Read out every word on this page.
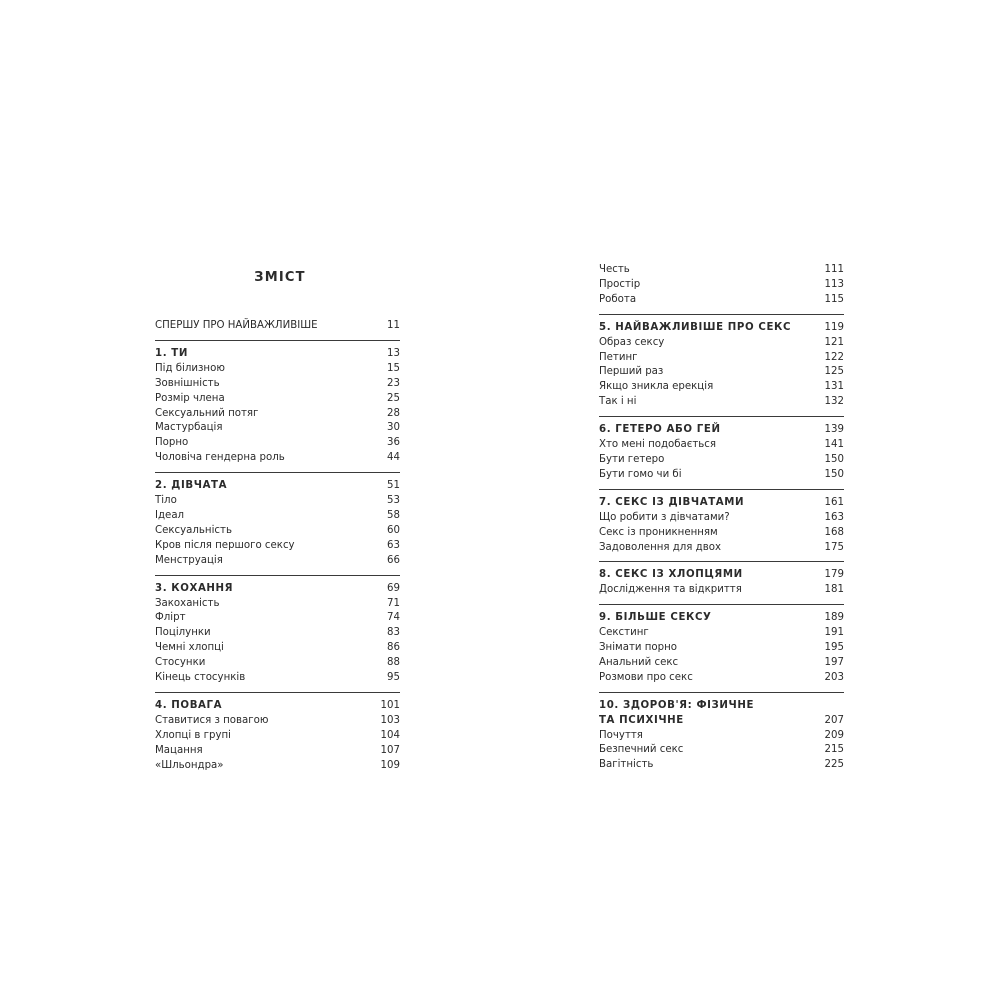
ЗМІСТ
СПЕРШУ ПРО НАЙВАЖЛИВІШЕ	11
1. ТИ	13
Під білизною	15
Зовнішність	23
Розмір члена	25
Сексуальний потяг	28
Мастурбація	30
Порно	36
Чоловіча гендерна роль	44
2. ДІВЧАТА	51
Тіло	53
Ідеал	58
Сексуальність	60
Кров після першого сексу	63
Менструація	66
3. КОХАННЯ	69
Закоханість	71
Флірт	74
Поцілунки	83
Чемні хлопці	86
Стосунки	88
Кінець стосунків	95
4. ПОВАГА	101
Ставитися з повагою	103
Хлопці в групі	104
Мацання	107
«Шльондра»	109
Честь	111
Простір	113
Робота	115
5. НАЙВАЖЛИВІШЕ ПРО СЕКС	119
Образ сексу	121
Петинг	122
Перший раз	125
Якщо зникла ерекція	131
Так і ні	132
6. ГЕТЕРО АБО ГЕЙ	139
Хто мені подобається	141
Бути гетеро	150
Бути гомо чи бі	150
7. СЕКС ІЗ ДІВЧАТАМИ	161
Що робити з дівчатами?	163
Секс із проникненням	168
Задоволення для двох	175
8. СЕКС ІЗ ХЛОПЦЯМИ	179
Дослідження та відкриття	181
9. БІЛЬШЕ СЕКСУ	189
Секстинг	191
Знімати порно	195
Анальний секс	197
Розмови про секс	203
10. ЗДОРОВ'Я: ФІЗИЧНЕ
ТА ПСИХІЧНЕ	207
Почуття	209
Безпечний секс	215
Вагітність	225
